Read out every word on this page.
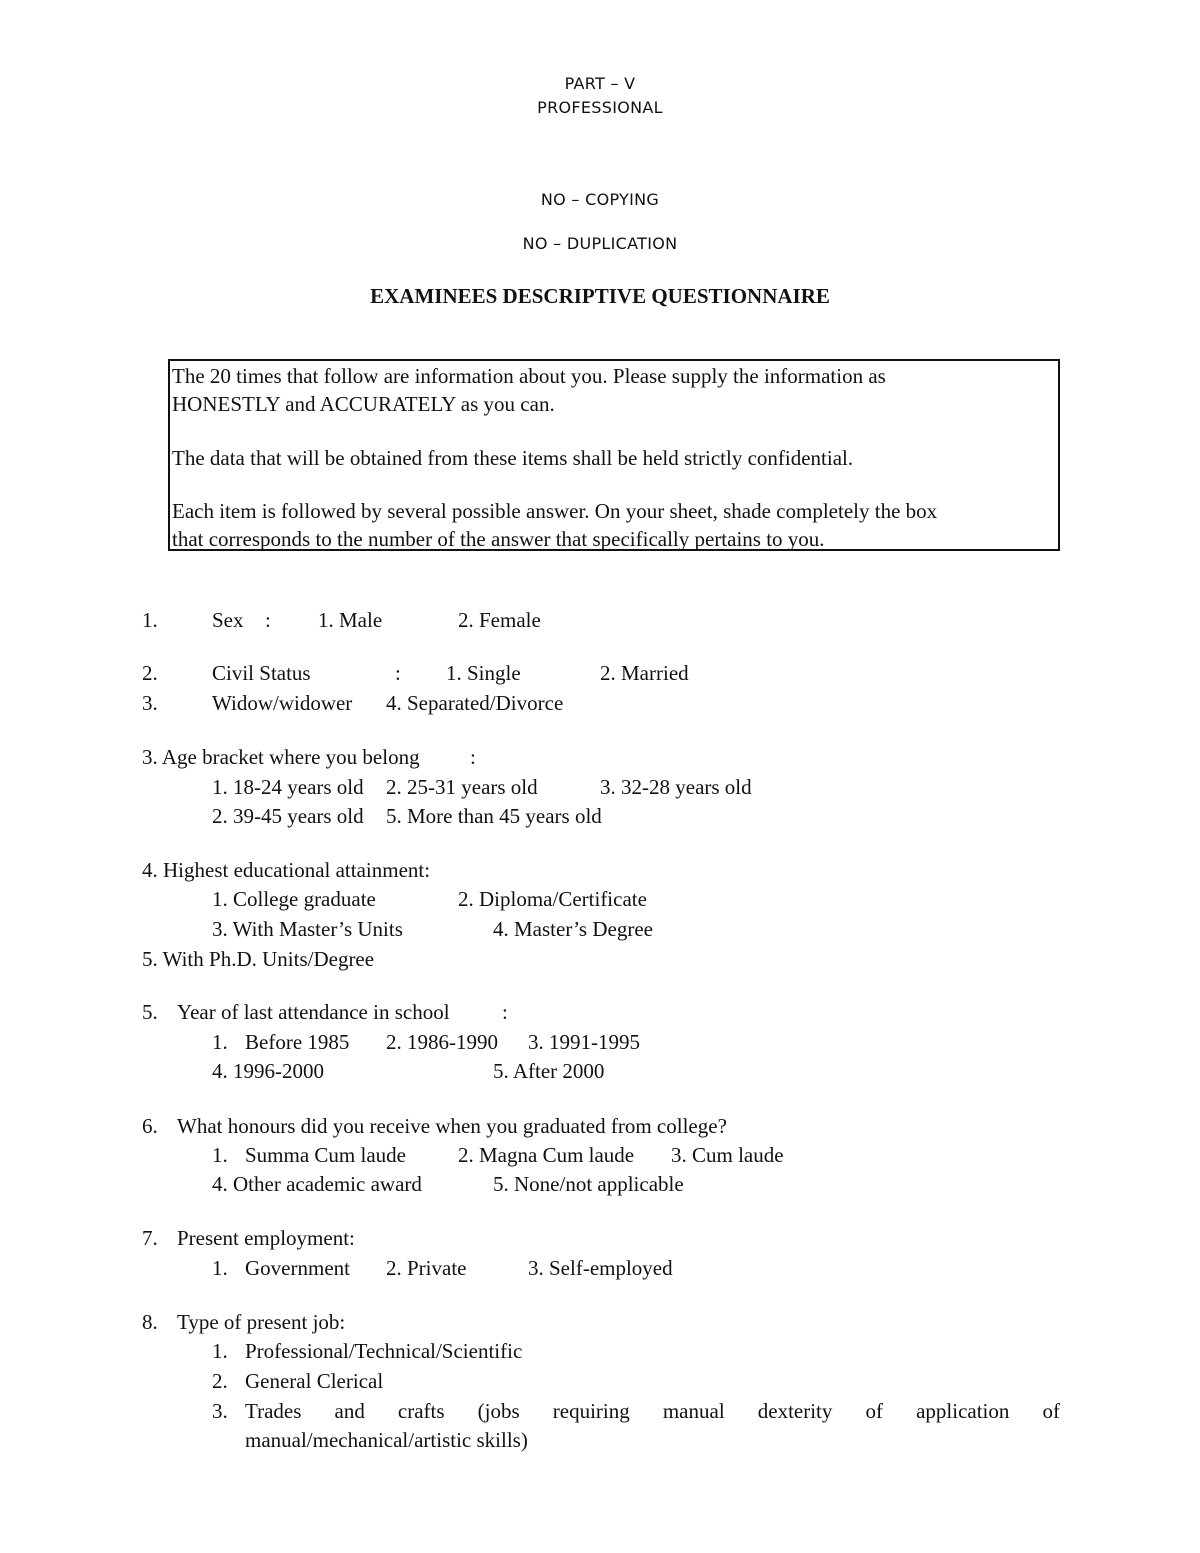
PART – V
PROFESSIONAL
NO – COPYING
NO – DUPLICATION
EXAMINEES DESCRIPTIVE QUESTIONNAIRE
The 20 times that follow are information about you. Please supply the information as
HONESTLY and ACCURATELY as you can.
The data that will be obtained from these items shall be held strictly confidential.
Each item is followed by several possible answer. On your sheet, shade completely the box
that corresponds to the number of the answer that specifically pertains to you.
1.	Sex : 1. Male	2. Female
2.	Civil Status	: 1. Single	2. Married
3.	Widow/widower 4. Separated/Divorce
3. Age bracket where you belong :
1. 18-24 years old 2. 25-31 years old	3. 32-28 years old
2. 39-45 years old 5. More than 45 years old
4. Highest educational attainment:
1. College graduate	2. Diploma/Certificate
3. With Master’s Units	4. Master’s Degree
5. With Ph.D. Units/Degree
5. Year of last attendance in school :
1. Before 1985 2. 1986-1990 3. 1991-1995
4. 1996-2000	5. After 2000
6. What honours did you receive when you graduated from college?
1. Summa Cum laude 2. Magna Cum laude 3. Cum laude
4. Other academic award	5. None/not applicable
7. Present employment:
1. Government 2. Private	3. Self-employed
8. Type of present job:
1. Professional/Technical/Scientific
2. General Clerical
3. Trades and crafts (jobs requiring manual dexterity of application of
manual/mechanical/artistic skills)
